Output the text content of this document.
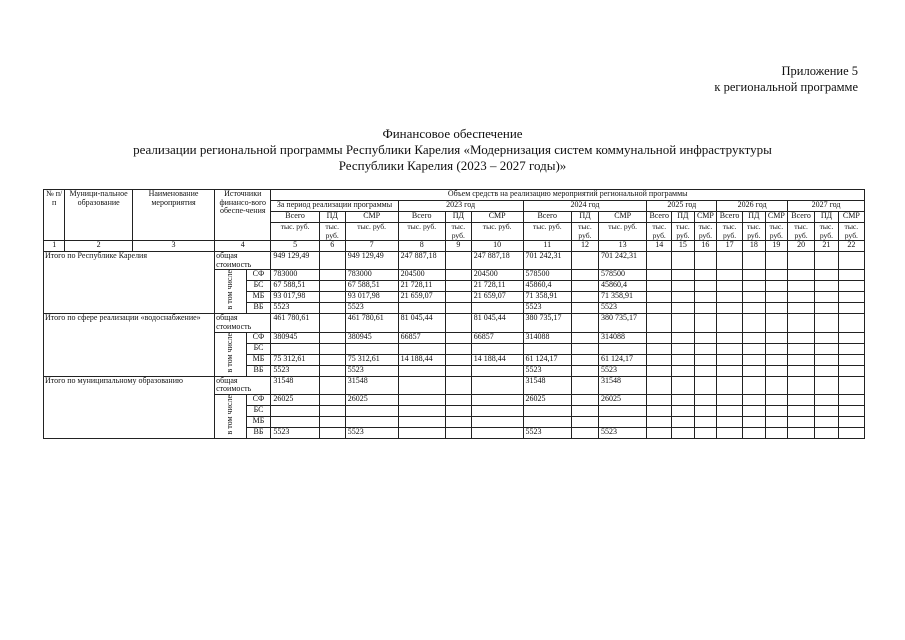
Приложение 5
к региональной программе
Финансовое обеспечение
реализации региональной программы Республики Карелия «Модернизация систем коммунальной инфраструктуры
Республики Карелия (2023 – 2027 годы)»
№ п/п	Муници-пальное образование	Наименование мероприятия	Источники финансо-вого обеспе-чения		Объем средств на реализацию мероприятий региональной программы																	
					За период реализации программы			2023 год			2024 год			2025 год			2026 год			2027 год		
					Всего	ПД	СМР	Всего	ПД	СМР	Всего	ПД	СМР	Всего	ПД	СМР	Всего	ПД	СМР	Всего	ПД	СМР
					тыс. руб.	тыс. руб.	тыс. руб.	тыс. руб.	тыс. руб.	тыс. руб.	тыс. руб.	тыс. руб.	тыс. руб.	тыс. руб.	тыс. руб.	тыс. руб.	тыс. руб.	тыс. руб.	тыс. руб.	тыс. руб.	тыс. руб.	тыс. руб.
1	2	3	4		5	6	7	8	9	10	11	12	13	14	15	16	17	18	19	20	21	22
Итого по Республике Карелия			общая стоимость		949 129,49		949 129,49	247 887,18		247 887,18	701 242,31		701 242,31									

			в том числе	СФ	783000		783000	204500		204500	578500		578500									
				БС	67 588,51		67 588,51	21 728,11		21 728,11	45860,4		45860,4									
				МБ	93 017,98		93 017,98	21 659,07		21 659,07	71 358,91		71 358,91									
				ВБ	5523		5523				5523		5523									
Итого по сфере реализации «водоснабжение»			общая стоимость		461 780,61		461 780,61	81 045,44		81 045,44	380 735,17		380 735,17									

			в том числе	СФ	380945		380945	66857		66857	314088		314088									
				БС																		
				МБ	75 312,61		75 312,61	14 188,44		14 188,44	61 124,17		61 124,17									
				ВБ	5523		5523				5523		5523									
Итого по муниципальному образованию			общая стоимость		31548		31548				31548		31548									

			в том числе	СФ	26025		26025				26025		26025									
				БС																		
				МБ																		
				ВБ	5523		5523				5523		5523									
